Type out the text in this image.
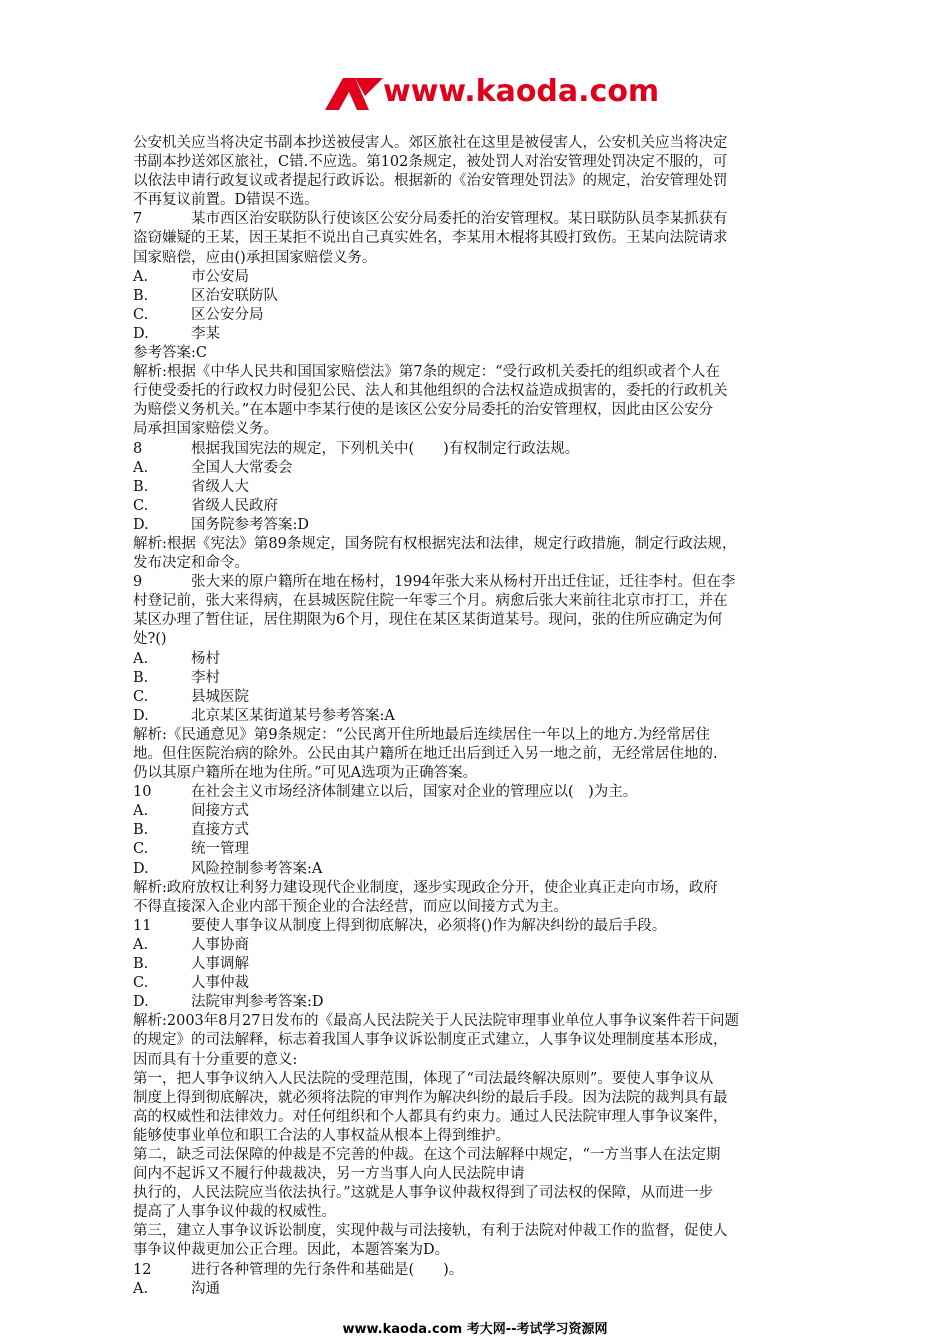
www.kaoda.com

公安机关应当将决定书副本抄送被侵害人。郊区旅社在这里是被侵害人，公安机关应当将决定

书副本抄送郊区旅社，C错.不应选。第102条规定，被处罚人对治安管理处罚决定不服的，可

以依法申请行政复议或者提起行政诉讼。根据新的《治安管理处罚法》的规定，治安管理处罚

不再复议前置。D错误不选。

7	某市西区治安联防队行使该区公安分局委托的治安管理权。某日联防队员李某抓获有
盗窃嫌疑的王某，因王某拒不说出自己真实姓名，李某用木棍将其殴打致伤。王某向法院请求
国家赔偿，应由()承担国家赔偿义务。
A.	市公安局
B.	区治安联防队
C.	区公安分局
D.	李某

参考答案:C

解析:根据《中华人民共和国国家赔偿法》第7条的规定：“受行政机关委托的组织或者个人在

行使受委托的行政权力时侵犯公民、法人和其他组织的合法权益造成损害的，委托的行政机关

为赔偿义务机关。”在本题中李某行使的是该区公安分局委托的治安管理权，因此由区公安分

局承担国家赔偿义务。

8	根据我国宪法的规定，下列机关中(　　)有权制定行政法规。
A.	全国人大常委会
B.	省级人大
C.	省级人民政府
D.	国务院参考答案:D

解析:根据《宪法》第89条规定，国务院有权根据宪法和法律，规定行政措施，制定行政法规，

发布决定和命令。

9	张大来的原户籍所在地在杨村，1994年张大来从杨村开出迁住证，迁往李村。但在李
村登记前，张大来得病，在县城医院住院一年零三个月。病愈后张大来前往北京市打工，并在
某区办理了暂住证，居住期限为6个月，现住在某区某街道某号。现问，张的住所应确定为何
处?()
A.	杨村
B.	李村
C.	县城医院
D.	北京某区某街道某号参考答案:A

解析:《民通意见》第9条规定：“公民离开住所地最后连续居住一年以上的地方.为经常居住

地。但住医院治病的除外。公民由其户籍所在地迁出后到迁入另一地之前，无经常居住地的.

仍以其原户籍所在地为住所。”可见A选项为正确答案。

10	在社会主义市场经济体制建立以后，国家对企业的管理应以(　)为主。
A.	间接方式
B.	直接方式
C.	统一管理
D.	风险控制参考答案:A

解析:政府放权让利努力建设现代企业制度，逐步实现政企分开，使企业真正走向市场，政府

不得直接深入企业内部干预企业的合法经营，而应以间接方式为主。

11	要使人事争议从制度上得到彻底解决，必须将()作为解决纠纷的最后手段。
A.	人事协商
B.	人事调解
C.	人事仲裁
D.	法院审判参考答案:D

解析:2003年8月27日发布的《最高人民法院关于人民法院审理事业单位人事争议案件若干问题

的规定》的司法解释，标志着我国人事争议诉讼制度正式建立，人事争议处理制度基本形成，

因而具有十分重要的意义:

第一，把人事争议纳入人民法院的受理范围，体现了“司法最终解决原则”。要使人事争议从

制度上得到彻底解决，就必须将法院的审判作为解决纠纷的最后手段。因为法院的裁判具有最

高的权威性和法律效力。对任何组织和个人都具有约束力。通过人民法院审理人事争议案件，

能够使事业单位和职工合法的人事权益从根本上得到维护。

第二，缺乏司法保障的仲裁是不完善的仲裁。在这个司法解释中规定，“一方当事人在法定期

间内不起诉又不履行仲裁裁决，另一方当事人向人民法院申请

执行的，人民法院应当依法执行。”这就是人事争议仲裁权得到了司法权的保障，从而进一步

提高了人事争议仲裁的权威性。

第三，建立人事争议诉讼制度，实现仲裁与司法接轨，有利于法院对仲裁工作的监督，促使人

事争议仲裁更加公正合理。因此，本题答案为D。

12	进行各种管理的先行条件和基础是(　　)。
A.	沟通
www.kaoda.com 考大网--考试学习资源网
